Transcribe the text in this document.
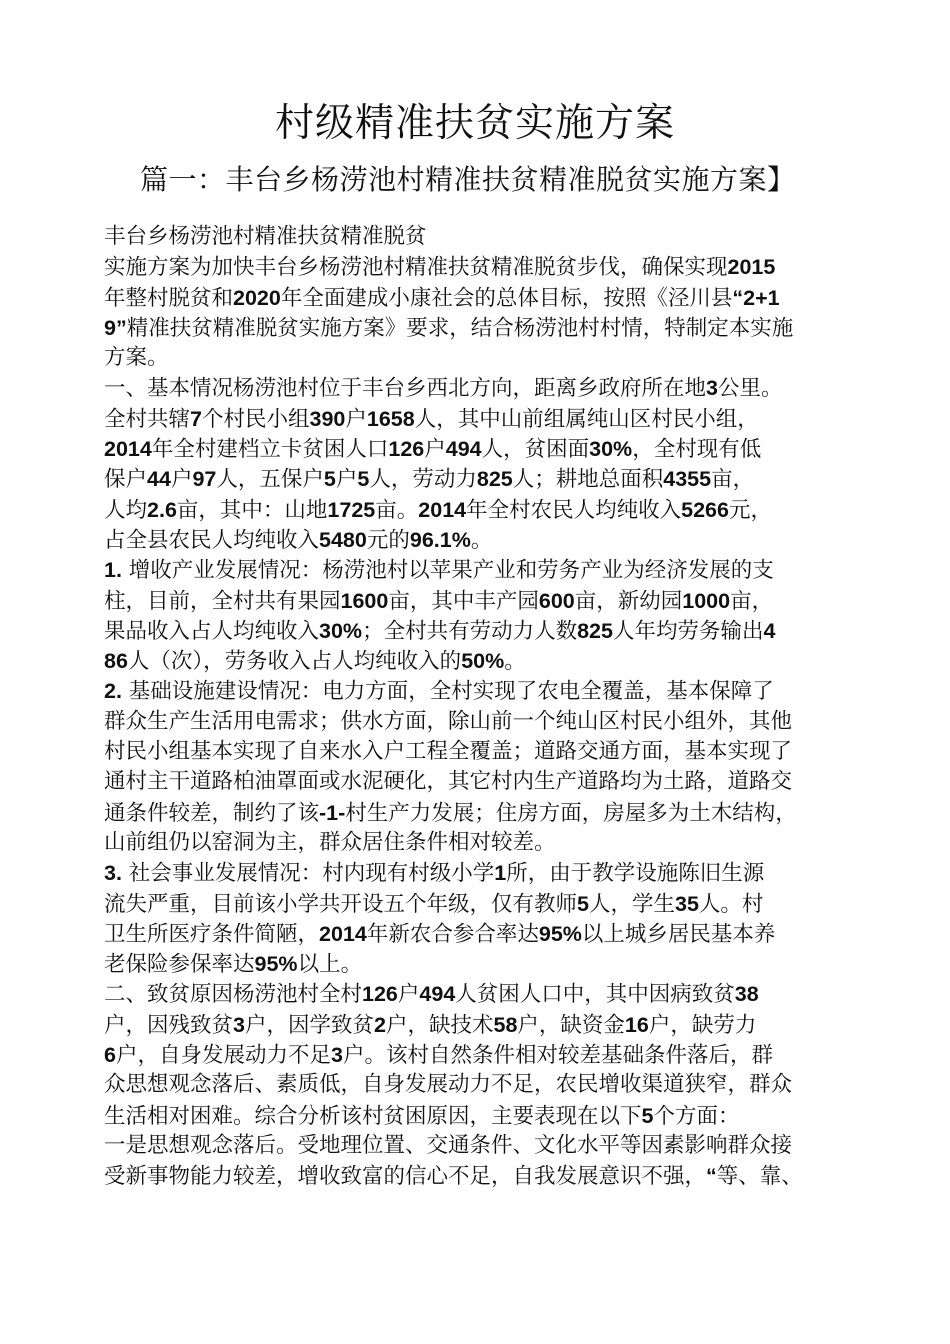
村级精准扶贫实施方案
篇一：丰台乡杨涝池村精准扶贫精准脱贫实施方案】
丰台乡杨涝池村精准扶贫精准脱贫
实施方案为加快丰台乡杨涝池村精准扶贫精准脱贫步伐，确保实现2015
年整村脱贫和2020年全面建成小康社会的总体目标，按照《泾川县“2+1
9”精准扶贫精准脱贫实施方案》要求，结合杨涝池村村情，特制定本实施
方案。
一、基本情况杨涝池村位于丰台乡西北方向，距离乡政府所在地3公里。
全村共辖7个村民小组390户1658人，其中山前组属纯山区村民小组，
2014年全村建档立卡贫困人口126户494人，贫困面30%，全村现有低
保户44户97人，五保户5户5人，劳动力825人；耕地总面积4355亩，
人均2.6亩，其中：山地1725亩。2014年全村农民人均纯收入5266元，
占全县农民人均纯收入5480元的96.1%。
1. 增收产业发展情况：杨涝池村以苹果产业和劳务产业为经济发展的支
柱，目前，全村共有果园1600亩，其中丰产园600亩，新幼园1000亩，
果品收入占人均纯收入30%；全村共有劳动力人数825人年均劳务输出4
86人（次），劳务收入占人均纯收入的50%。
2. 基础设施建设情况：电力方面，全村实现了农电全覆盖，基本保障了
群众生产生活用电需求；供水方面，除山前一个纯山区村民小组外，其他
村民小组基本实现了自来水入户工程全覆盖；道路交通方面，基本实现了
通村主干道路柏油罩面或水泥硬化，其它村内生产道路均为土路，道路交
通条件较差，制约了该-1-村生产力发展；住房方面，房屋多为土木结构，
山前组仍以窑洞为主，群众居住条件相对较差。
3. 社会事业发展情况：村内现有村级小学1所，由于教学设施陈旧生源
流失严重，目前该小学共开设五个年级，仅有教师5人，学生35人。村
卫生所医疗条件简陋，2014年新农合参合率达95%以上城乡居民基本养
老保险参保率达95%以上。
二、致贫原因杨涝池村全村126户494人贫困人口中，其中因病致贫38
户，因残致贫3户，因学致贫2户，缺技术58户，缺资金16户，缺劳力
6户，自身发展动力不足3户。该村自然条件相对较差基础条件落后，群
众思想观念落后、素质低，自身发展动力不足，农民增收渠道狭窄，群众
生活相对困难。综合分析该村贫困原因，主要表现在以下5个方面：
一是思想观念落后。受地理位置、交通条件、文化水平等因素影响群众接
受新事物能力较差，增收致富的信心不足，自我发展意识不强，“等、靠、
